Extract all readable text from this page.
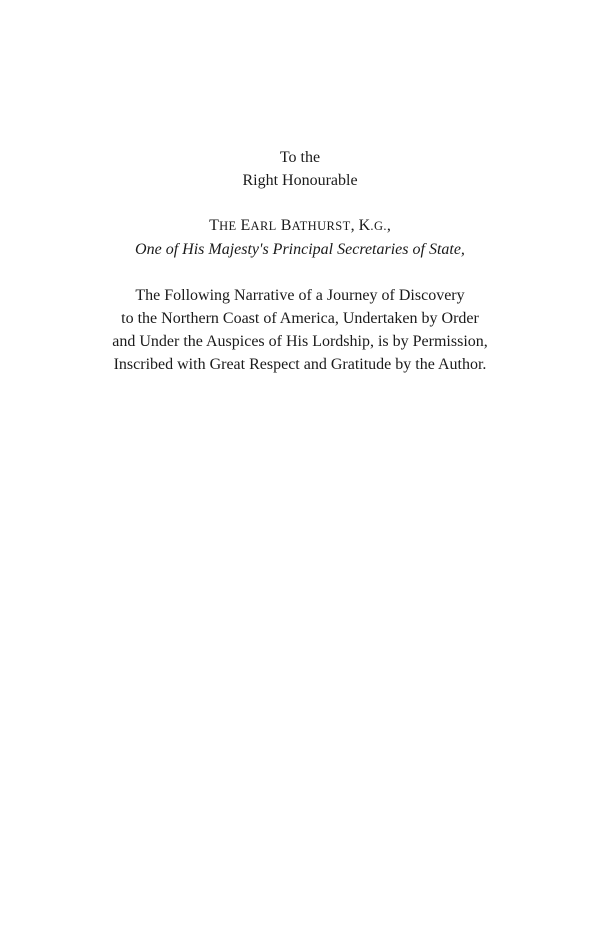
To the
Right Honourable
THE EARL BATHURST, K.G.,
One of His Majesty's Principal Secretaries of State,
The Following Narrative of a Journey of Discovery
to the Northern Coast of America, Undertaken by Order
and Under the Auspices of His Lordship, is by Permission,
Inscribed with Great Respect and Gratitude by the Author.
